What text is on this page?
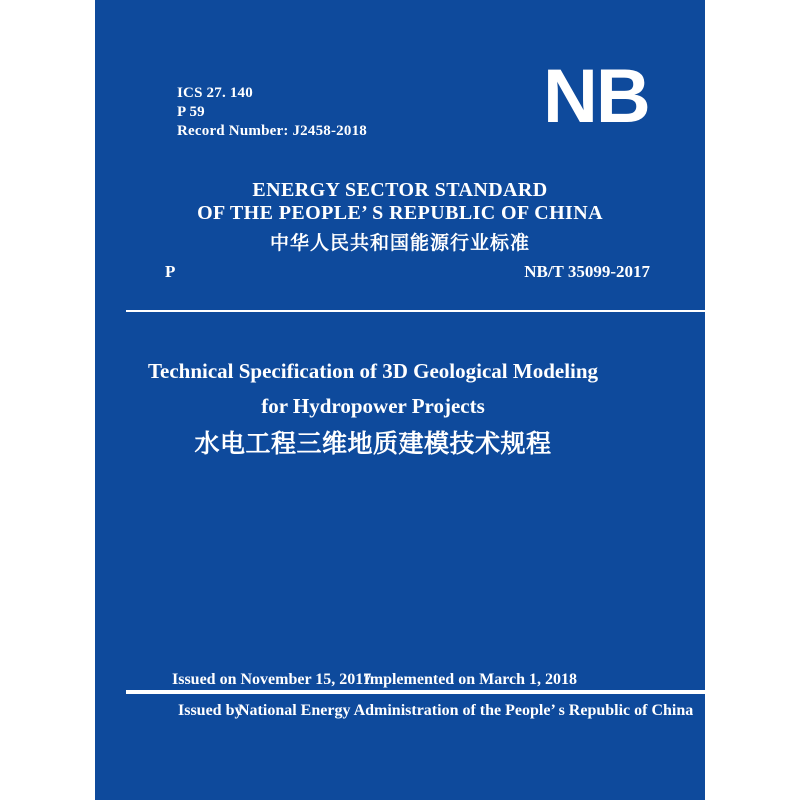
ICS 27. 140
P 59
Record Number: J2458-2018 NB
ENERGY SECTOR STANDARD
OF THE PEOPLE’ S REPUBLIC OF CHINA
中华人民共和国能源行业标准
P	NB/T 35099-2017
Technical Specification of 3D Geological Modeling
for Hydropower Projects
水电工程三维地质建模技术规程
Issued on November 15, 2017
Implemented on March 1, 2018
Issued by
National Energy Administration of the People’ s Republic of China
